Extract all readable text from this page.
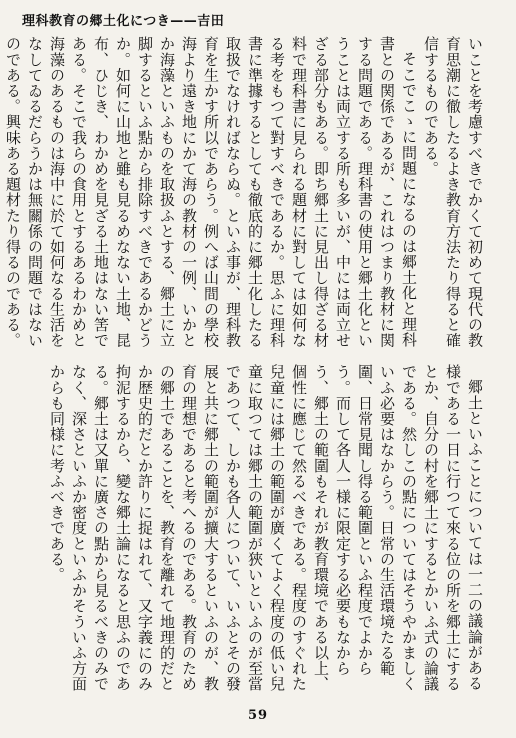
理科教育の郷土化につき——吉田

いことを考慮すべきでかくて初めて現代の教育思潮に徹したるよき教育方法たり得ると確信するものである。

そこでこゝに問題になるのは郷土化と理科書との関係であるが、これはつまり教材に関する問題である。理科書の使用と郷土化ということは両立する所も多いが、中には両立せざる部分もある。即ち郷土に見出し得ざる材料で理科書に見られる題材に對しては如何なる考をもつて對すべきであるか。思ふに理科書に準據するとしても徹底的に郷土化したる取扱でなければならぬ。といふ事が、理科教育を生かす所以であらう。例へば山間の學校海より遠き地にかて海の教材の一例、いかとか海藻といふものを取扱ふとする、郷土に立脚するといふ點から排除すべきであるかどうか。如何に山地と雖も見るめなない土地、昆布、ひじき、わかめを見ざる土地はない筈である。そこで我らの食用とするあるわかめと海藻のあるものは海中に於て如何なる生活をなしてゐるだらうかは無關係の問題ではないのである。興味ある題材たり得るのである。

郷土といふことについては一二の議論がある様である一日に行つて來る位の所を郷土にするとか、自分の村を郷土にするとかいふ式の論議である。然しこの點についてはそうやかましくいふ必要はなからう。日常の生活環境たる範圍、日常見聞し得る範圍といふ程度でよからう。而して各人一様に限定する必要もなからう、郷土の範圍もそれが教育環境である以上、個性に應じて然るべきである。程度のすぐれた兒童には郷土の範圍が廣くてよく程度の低い兒童に取つては郷土の範圍が狹いといふのが至當であつて、しかも各人について、いふとその發展と共に郷土の範圍が擴大するといふのが、教育の理想であると考へるのである。教育のための郷土であることを、教育を離れて地理的だとか歴史的だとか許りに捉はれて、又字義にのみ拘泥するから、變な郷土論になると思ふのである。郷土は又單に廣さの點から見るべきのみでなく、深さといふか密度といふかそういふ方面からも同様に考ふべきである。

59
